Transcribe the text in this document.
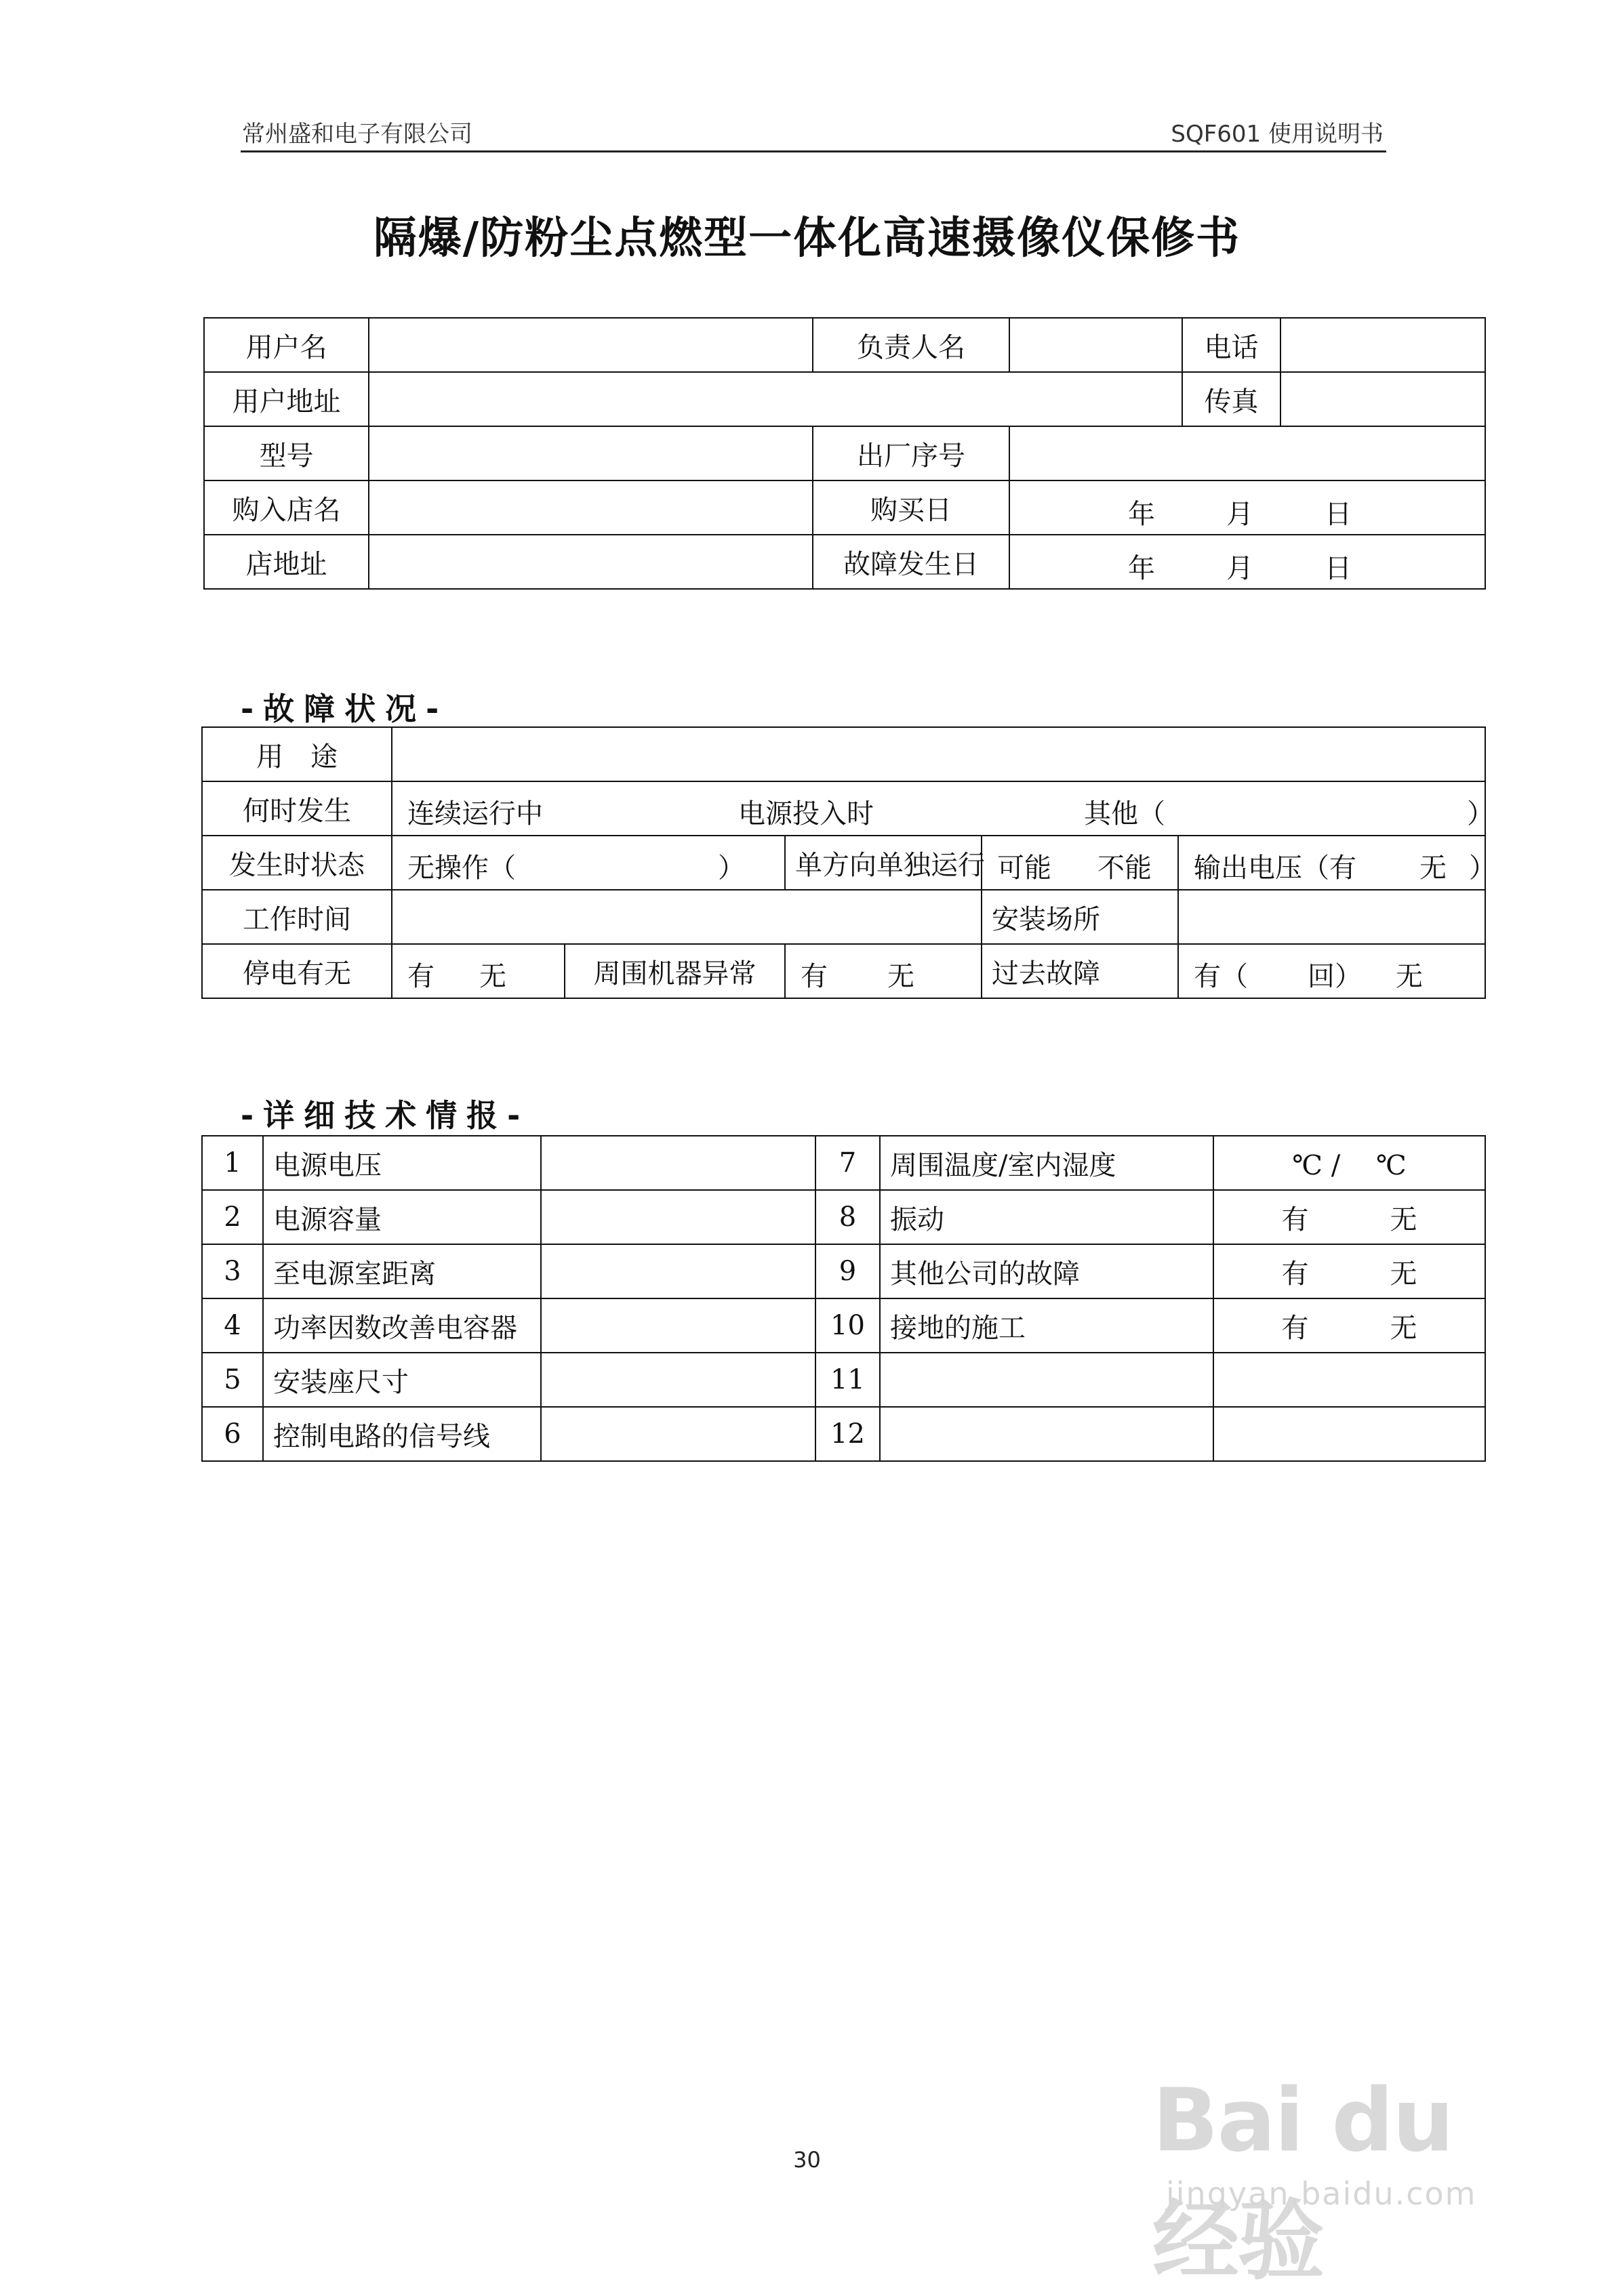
常州盛和电子有限公司	SQF601 使用说明书
隔爆/防粉尘点燃型一体化高速摄像仪保修书
用户名		负责人名		电话	
用户地址				传真	
型号		出厂序号			
购入店名		购买日	年 月 日		

店地址		故障发生日	年 月 日		
-故障状况-
用　途					
何时发生	连续运行中 电源投入时 其他（ ）				

发生时状态	无操作（ ）		单方向单独运行	可能 不能	输出电压（有 无 ）

工作时间				安装场所	
停电有无	有 无	周围机器异常	有 无	过去故障	有（ 回） 无
-详细技术情报-
1	电源电压		7	周围温度/室内湿度	℃ /　 ℃
2	电源容量		8	振动	有　　　无
3	至电源室距离		9	其他公司的故障	有　　　无
4	功率因数改善电容器		10	接地的施工	有　　　无
5	安装座尺寸		11		
6	控制电路的信号线		12		
30	Bai du 经验
jingyan.baidu.com
